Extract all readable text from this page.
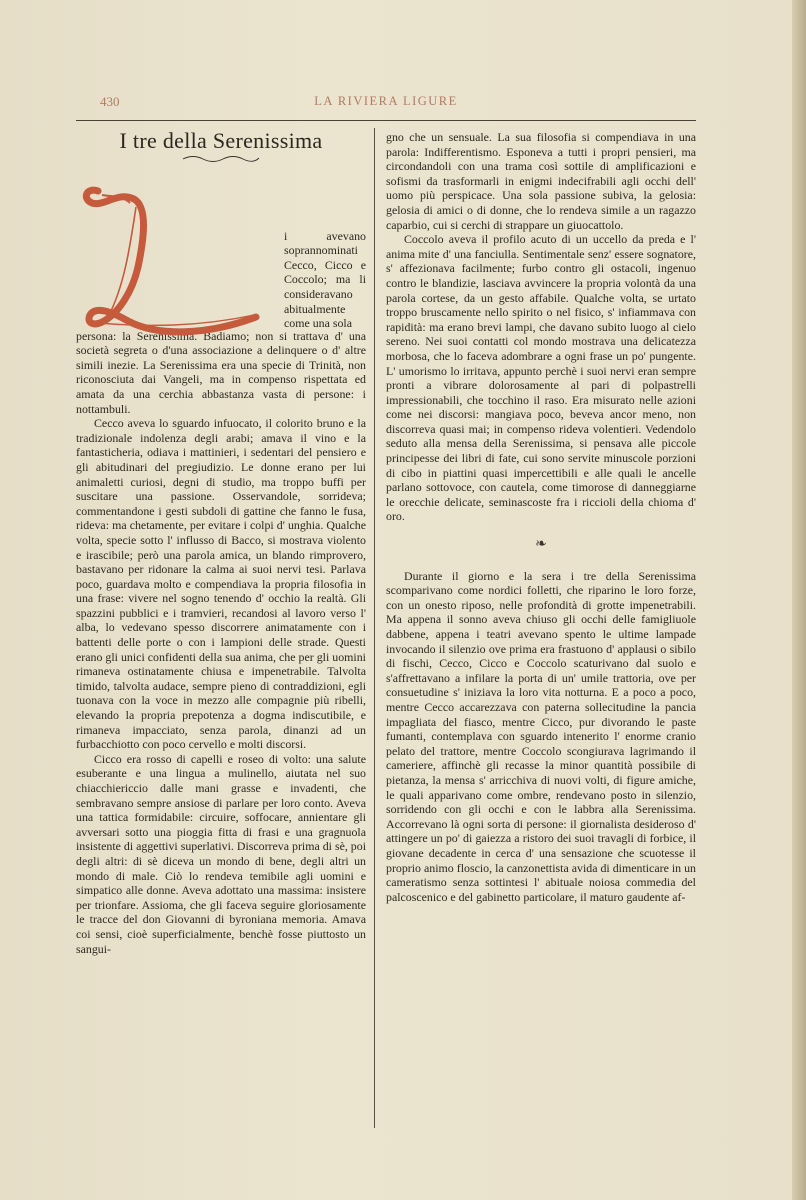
430	LA RIVIERA LIGURE
I tre della Serenissima
i avevano soprannominati Cecco, Cicco e Coccolo; ma li consideravano abitualmente come una sola

persona: la Serenissima. Badiamo; non si trattava d' una società segreta o d'una associazione a delinquere o d' altre simili inezie. La Serenissima era una specie di Trinità, non riconosciuta dai Vangeli, ma in compenso rispettata ed amata da una cerchia abbastanza vasta di persone: i nottambuli.

Cecco aveva lo sguardo infuocato, il colorito bruno e la tradizionale indolenza degli arabi; amava il vino e la fantasticheria, odiava i mattinieri, i sedentari del pensiero e gli abitudinari del pregiudizio. Le donne erano per lui animaletti curiosi, degni di studio, ma troppo buffi per suscitare una passione. Osservandole, sorrideva; commentandone i gesti subdoli di gattine che fanno le fusa, rideva: ma chetamente, per evitare i colpi d' unghia. Qualche volta, specie sotto l' influsso di Bacco, si mostrava violento e irascibile; però una parola amica, un blando rimprovero, bastavano per ridonare la calma ai suoi nervi tesi. Parlava poco, guardava molto e compendiava la propria filosofia in una frase: vivere nel sogno tenendo d' occhio la realtà. Gli spazzini pubblici e i tramvieri, recandosi al lavoro verso l' alba, lo vedevano spesso discorrere animatamente con i battenti delle porte o con i lampioni delle strade. Questi erano gli unici confidenti della sua anima, che per gli uomini rimaneva ostinatamente chiusa e impenetrabile. Talvolta timido, talvolta audace, sempre pieno di contraddizioni, egli tuonava con la voce in mezzo alle compagnie più ribelli, elevando la propria prepotenza a dogma indiscutibile, e rimaneva impacciato, senza parola, dinanzi ad un furbacchiotto con poco cervello e molti discorsi.

Cicco era rosso di capelli e roseo di volto: una salute esuberante e una lingua a mulinello, aiutata nel suo chiacchiericcio dalle mani grasse e invadenti, che sembravano sempre ansiose di parlare per loro conto. Aveva una tattica formidabile: circuire, soffocare, annientare gli avversari sotto una pioggia fitta di frasi e una gragnuola insistente di aggettivi superlativi. Discorreva prima di sè, poi degli altri: di sè diceva un mondo di bene, degli altri un mondo di male. Ciò lo rendeva temibile agli uomini e simpatico alle donne. Aveva adottato una massima: insistere per trionfare. Assioma, che gli faceva seguire gloriosamente le tracce del don Giovanni di byroniana memoria. Amava coi sensi, cioè superficialmente, benchè fosse piuttosto un sangui-

gno che un sensuale. La sua filosofia si compendiava in una parola: Indifferentismo. Esponeva a tutti i propri pensieri, ma circondandoli con una trama così sottile di amplificazioni e sofismi da trasformarli in enigmi indecifrabili agli occhi dell' uomo più perspicace. Una sola passione subiva, la gelosia: gelosia di amici o di donne, che lo rendeva simile a un ragazzo caparbio, cui si cerchi di strappare un giuocattolo.

Coccolo aveva il profilo acuto di un uccello da preda e l' anima mite d' una fanciulla. Sentimentale senz' essere sognatore, s' affezionava facilmente; furbo contro gli ostacoli, ingenuo contro le blandizie, lasciava avvincere la propria volontà da una parola cortese, da un gesto affabile. Qualche volta, se urtato troppo bruscamente nello spirito o nel fisico, s' infiammava con rapidità: ma erano brevi lampi, che davano subito luogo al cielo sereno. Nei suoi contatti col mondo mostrava una delicatezza morbosa, che lo faceva adombrare a ogni frase un po' pungente. L' umorismo lo irritava, appunto perchè i suoi nervi eran sempre pronti a vibrare dolorosamente al pari di polpastrelli impressionabili, che tocchino il raso. Era misurato nelle azioni come nei discorsi: mangiava poco, beveva ancor meno, non discorreva quasi mai; in compenso rideva volentieri. Vedendolo seduto alla mensa della Serenissima, si pensava alle piccole principesse dei libri di fate, cui sono servite minuscole porzioni di cibo in piattini quasi impercettibili e alle quali le ancelle parlano sottovoce, con cautela, come timorose di danneggiarne le orecchie delicate, seminascoste fra i riccioli della chioma d' oro.

❧

Durante il giorno e la sera i tre della Serenissima scomparivano come nordici folletti, che riparino le loro forze, con un onesto riposo, nelle profondità di grotte impenetrabili. Ma appena il sonno aveva chiuso gli occhi delle famigliuole dabbene, appena i teatri avevano spento le ultime lampade invocando il silenzio ove prima era frastuono d' applausi o sibilo di fischi, Cecco, Cicco e Coccolo scaturivano dal suolo e s'affrettavano a infilare la porta di un' umile trattoria, ove per consuetudine s' iniziava la loro vita notturna. E a poco a poco, mentre Cecco accarezzava con paterna sollecitudine la pancia impagliata del fiasco, mentre Cicco, pur divorando le paste fumanti, contemplava con sguardo intenerito l' enorme cranio pelato del trattore, mentre Coccolo scongiurava lagrimando il cameriere, affinchè gli recasse la minor quantità possibile di pietanza, la mensa s' arricchiva di nuovi volti, di figure amiche, le quali apparivano come ombre, rendevano posto in silenzio, sorridendo con gli occhi e con le labbra alla Serenissima. Accorrevano là ogni sorta di persone: il giornalista desideroso d' attingere un po' di gaiezza a ristoro dei suoi travagli di forbice, il giovane decadente in cerca d' una sensazione che scuotesse il proprio animo floscio, la canzonettista avida di dimenticare in un cameratismo senza sottintesi l' abituale noiosa commedia del palcoscenico e del gabinetto particolare, il maturo gaudente af-
